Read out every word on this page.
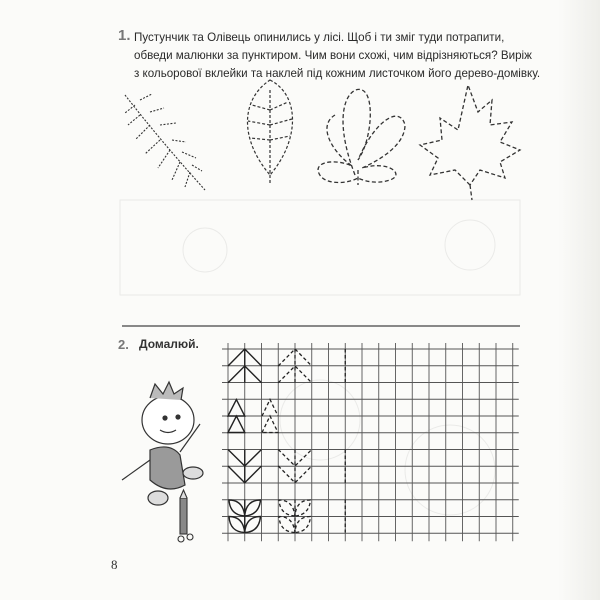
1. Пустунчик та Олівець опинились у лісі. Щоб і ти зміг туди потрапити,
обведи малюнки за пунктиром. Чим вони схожі, чим відрізняються? Виріж
з кольорової вклейки та наклей під кожним листочком його дерево-домівку.
2. Домалюй.
8
